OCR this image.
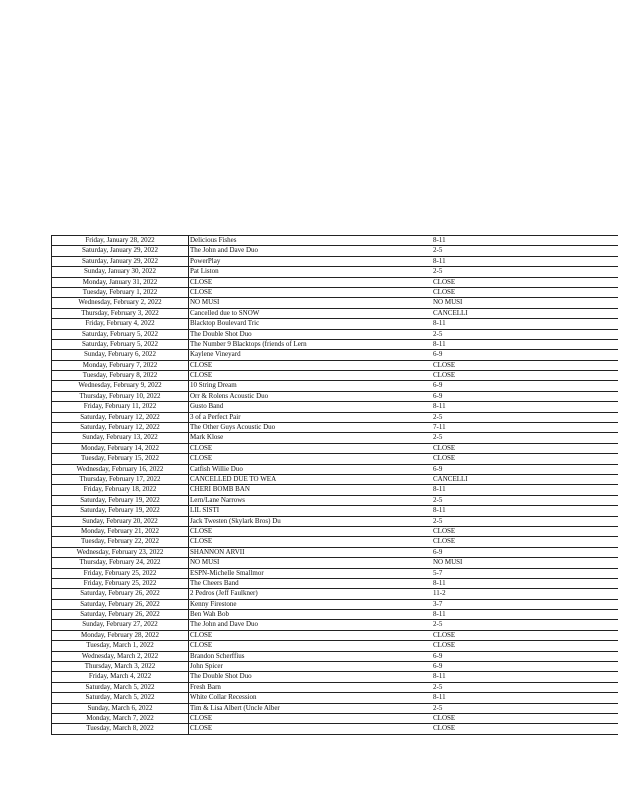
Friday, January 28, 2022	Delicious Fishes	8-11
Saturday, January 29, 2022	The John and Dave Duo	2-5
Saturday, January 29, 2022	PowerPlay	8-11
Sunday, January 30, 2022	Pat Liston	2-5
Monday, January 31, 2022	CLOSE	CLOSE
Tuesday, February 1, 2022	CLOSE	CLOSE
Wednesday, February 2, 2022	NO MUSI	NO MUSI
Thursday, February 3, 2022	Cancelled due to SNOW	CANCELLI
Friday, February 4, 2022	Blacktop Boulevard Tric	8-11
Saturday, February 5, 2022	The Double Shot Duo	2-5
Saturday, February 5, 2022	The Number 9 Blacktops (friends of Lern	8-11
Sunday, February 6, 2022	Kaylene Vineyard	6-9
Monday, February 7, 2022	CLOSE	CLOSE
Tuesday, February 8, 2022	CLOSE	CLOSE
Wednesday, February 9, 2022	10 String Dream	6-9
Thursday, February 10, 2022	Orr & Rolens Acoustic Duo	6-9
Friday, February 11, 2022	Gusto Band	8-11
Saturday, February 12, 2022	3 of a Perfect Pair	2-5
Saturday, February 12, 2022	The Other Guys Acoustic Duo	7-11
Sunday, February 13, 2022	Mark Klose	2-5
Monday, February 14, 2022	CLOSE	CLOSE
Tuesday, February 15, 2022	CLOSE	CLOSE
Wednesday, February 16, 2022	Catfish Willie Duo	6-9
Thursday, February 17, 2022	CANCELLED DUE TO WEA	CANCELLI
Friday, February 18, 2022	CHERI BOMB BAN	8-11
Saturday, February 19, 2022	Lern/Lane Narrows	2-5
Saturday, February 19, 2022	LIL SISTI	8-11
Sunday, February 20, 2022	Jack Twesten (Skylark Bros) Du	2-5
Monday, February 21, 2022	CLOSE	CLOSE
Tuesday, February 22, 2022	CLOSE	CLOSE
Wednesday, February 23, 2022	SHANNON ARVII	6-9
Thursday, February 24, 2022	NO MUSI	NO MUSI
Friday, February 25, 2022	ESPN-Michelle Smallmor	5-7
Friday, February 25, 2022	The Cheers Band	8-11
Saturday, February 26, 2022	2 Pedros (Jeff Faulkner)	11-2
Saturday, February 26, 2022	Kenny Firestone	3-7
Saturday, February 26, 2022	Ben Wah Bob	8-11
Sunday, February 27, 2022	The John and Dave Duo	2-5
Monday, February 28, 2022	CLOSE	CLOSE
Tuesday, March 1, 2022	CLOSE	CLOSE
Wednesday, March 2, 2022	Brandon Scherffius	6-9
Thursday, March 3, 2022	John Spicer	6-9
Friday, March 4, 2022	The Double Shot Duo	8-11
Saturday, March 5, 2022	Fresh Barn	2-5
Saturday, March 5, 2022	White Collar Recession	8-11
Sunday, March 6, 2022	Tim & Lisa Albert (Uncle Alber	2-5
Monday, March 7, 2022	CLOSE	CLOSE
Tuesday, March 8, 2022	CLOSE	CLOSE
